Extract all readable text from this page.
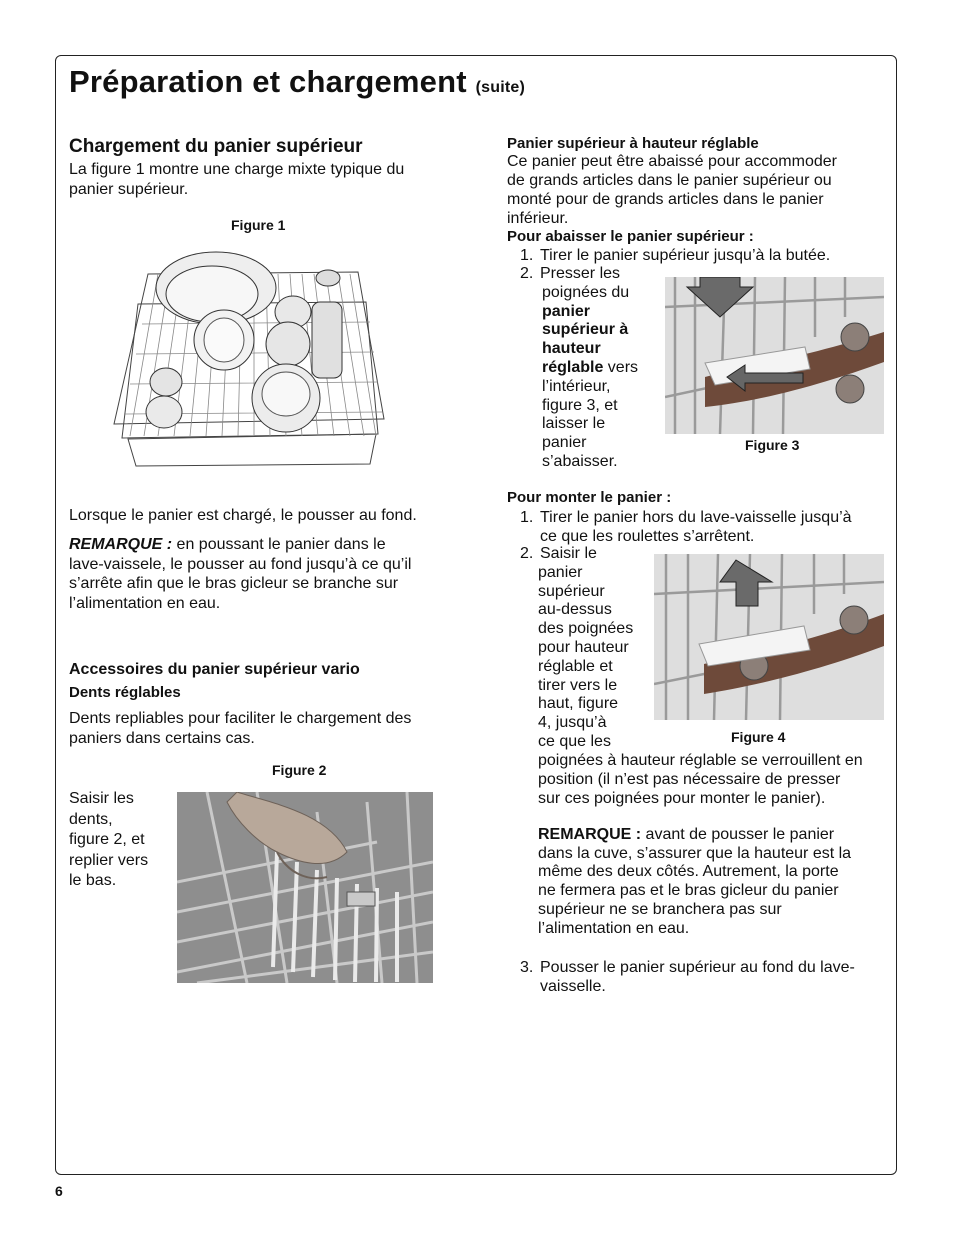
Préparation et chargement (suite)
Chargement du panier supérieur
La figure 1 montre une charge mixte typique du
panier supérieur.
Figure 1
Lorsque le panier est chargé, le pousser au fond.
REMARQUE : en poussant le panier dans le
lave-vaissele, le pousser au fond jusqu’à ce qu’il
s’arrête afin que le bras gicleur se branche sur
l’alimentation en eau.
Accessoires du panier supérieur vario
Dents réglables
Dents repliables pour faciliter le chargement des
paniers dans certains cas.
Figure 2
Saisir les
dents,
figure 2, et
replier vers
le bas.
Panier supérieur à hauteur réglable
Ce panier peut être abaissé pour accommoder
de grands articles dans le panier supérieur ou
monté pour de grands articles dans le panier
inférieur.
Pour abaisser le panier supérieur :
1. Tirer le panier supérieur jusqu’à la butée.
2. Presser les
poignées du
panier
supérieur à
hauteur
réglable vers
l’intérieur,
figure 3, et
laisser le
panier
s’abaisser.
Figure 3
Pour monter le panier :
1. Tirer le panier hors du lave-vaisselle jusqu’à
ce que les roulettes s’arrêtent.
2. Saisir le
panier
supérieur
au-dessus
des poignées
pour hauteur
réglable et
tirer vers le
haut, figure
4, jusqu’à
ce que les	Figure 4
poignées à hauteur réglable se verrouillent en
position (il n’est pas nécessaire de presser
sur ces poignées pour monter le panier).
REMARQUE : avant de pousser le panier
dans la cuve, s’assurer que la hauteur est la
même des deux côtés. Autrement, la porte
ne fermera pas et le bras gicleur du panier
supérieur ne se branchera pas sur
l’alimentation en eau.
3. Pousser le panier supérieur au fond du lave-
vaisselle.
6
